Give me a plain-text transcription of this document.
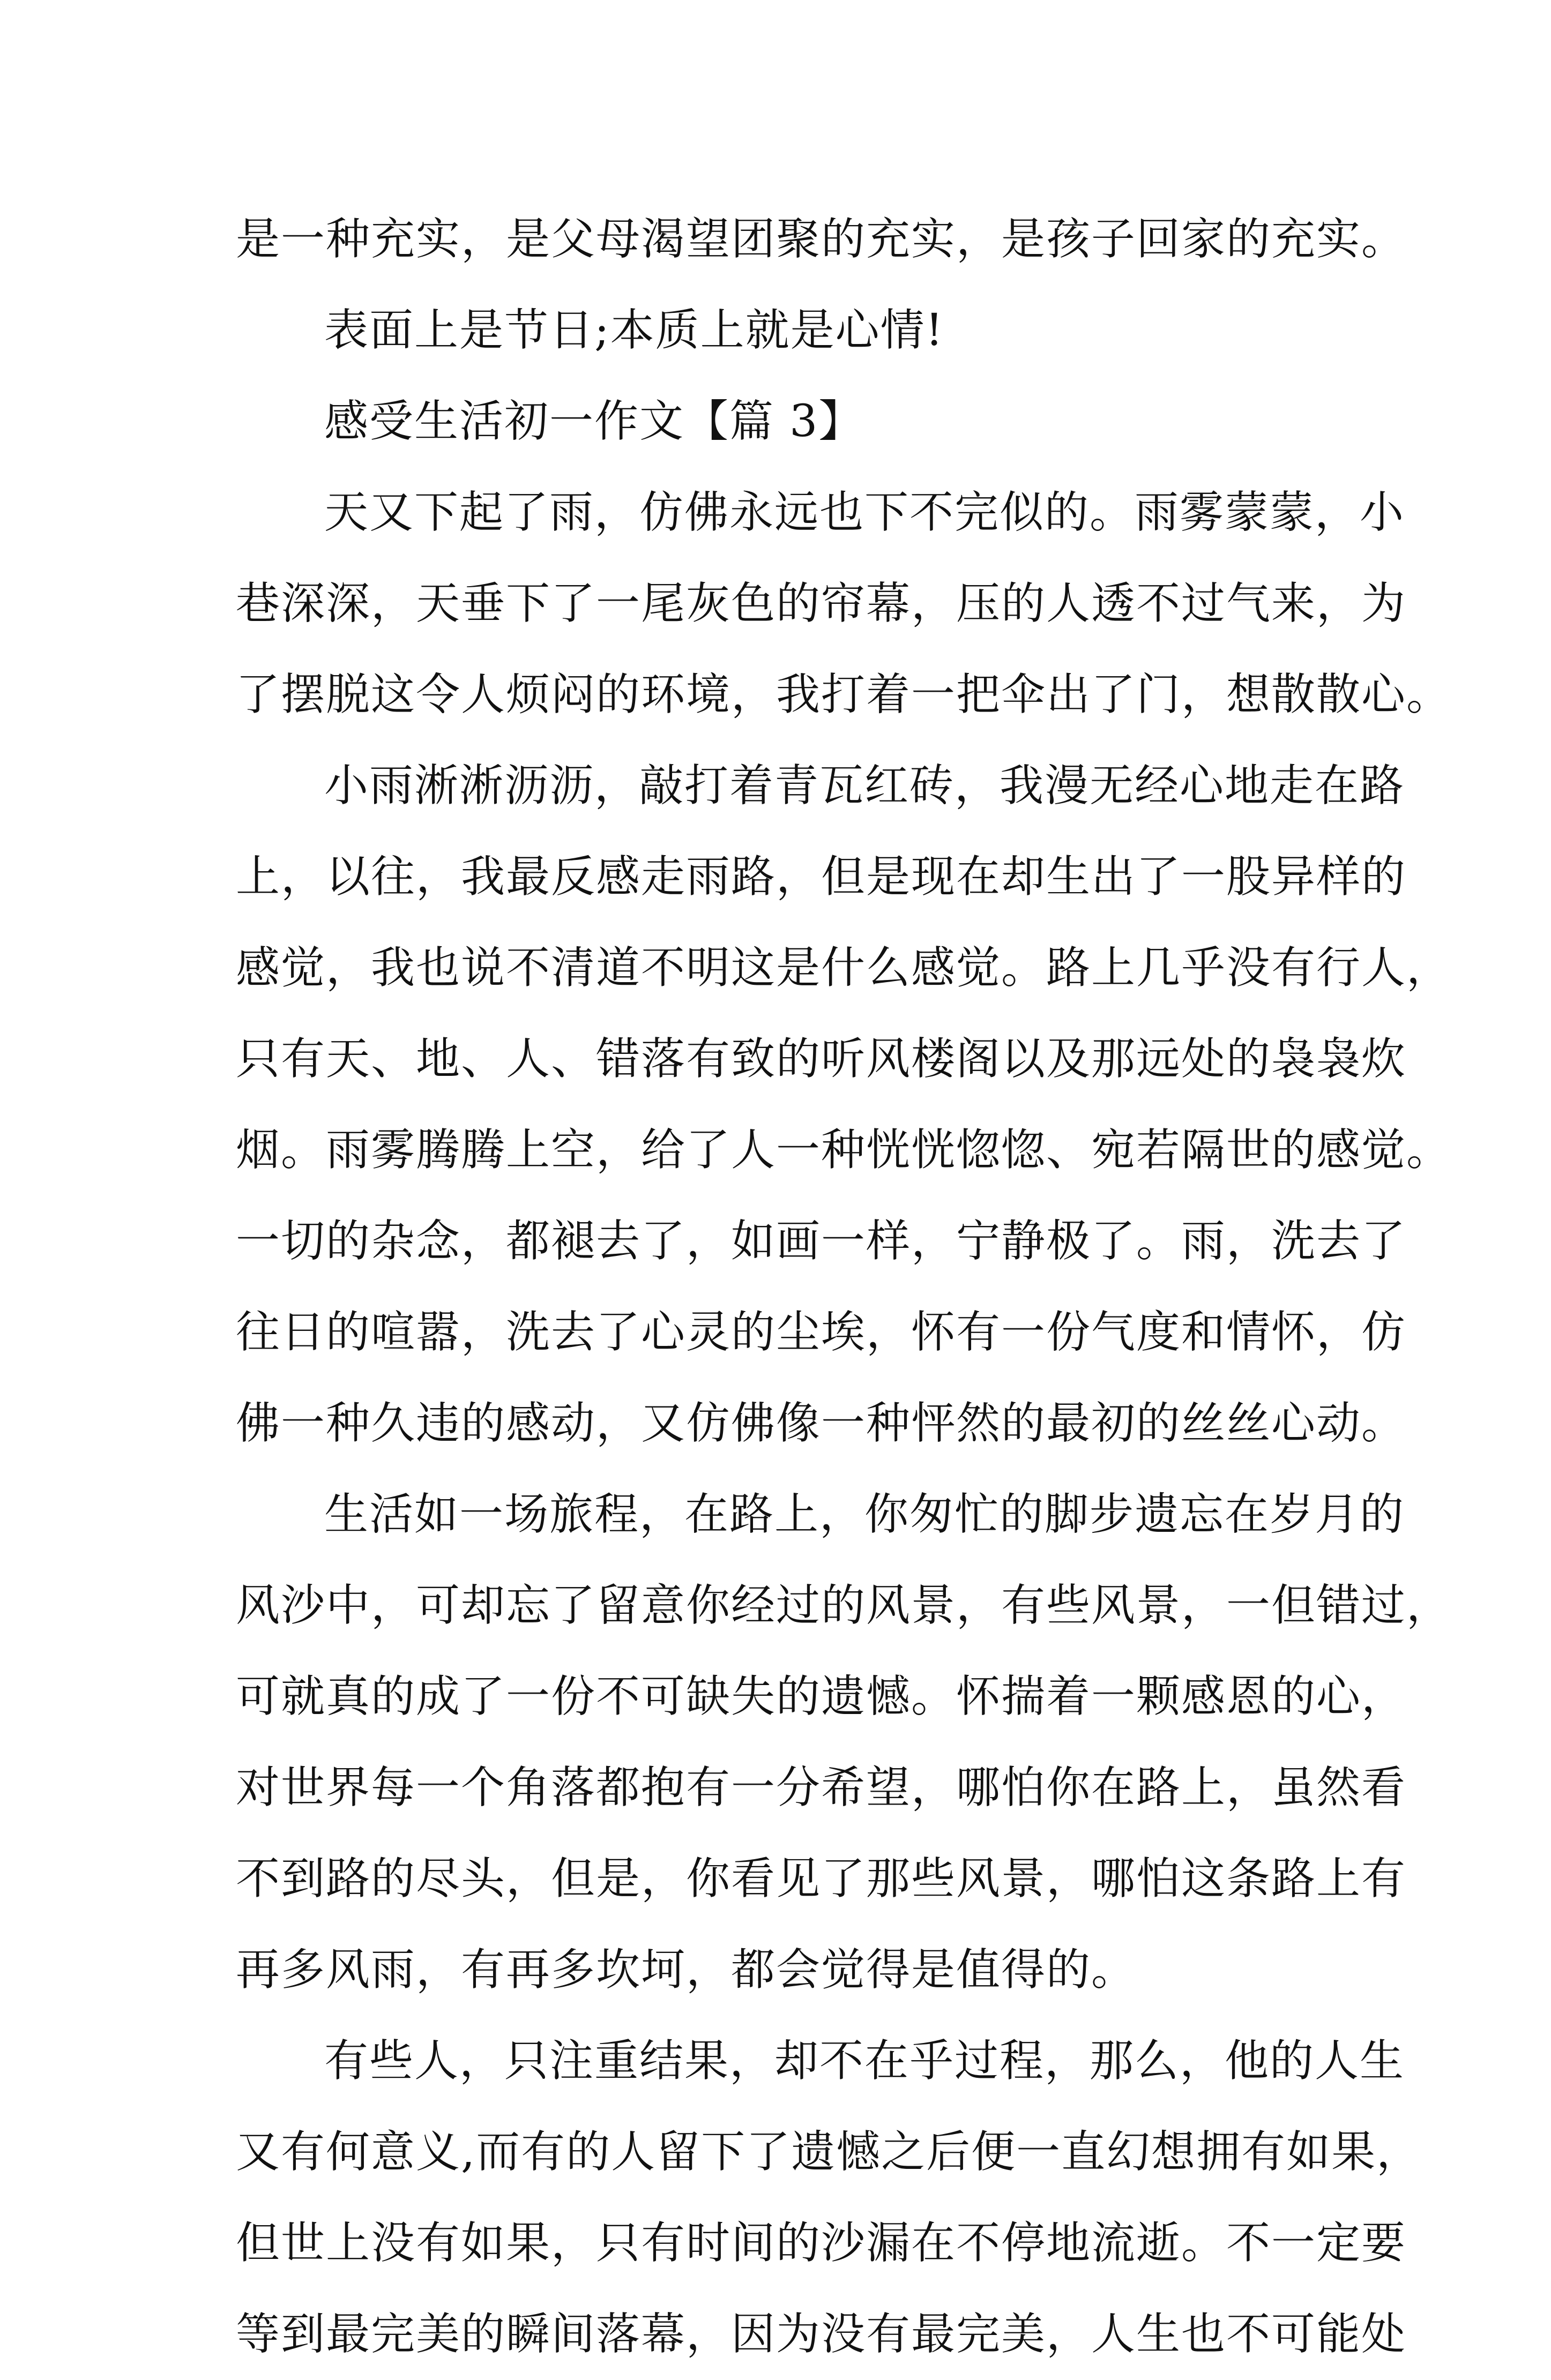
是一种充实，是父母渴望团聚的充实，是孩子回家的充实。
表面上是节日;本质上就是心情!
感受生活初一作文【篇 3】
天又下起了雨，仿佛永远也下不完似的。雨雾蒙蒙，小
巷深深，天垂下了一尾灰色的帘幕，压的人透不过气来，为
了摆脱这令人烦闷的环境，我打着一把伞出了门，想散散心。
小雨淅淅沥沥，敲打着青瓦红砖，我漫无经心地走在路
上，以往，我最反感走雨路，但是现在却生出了一股异样的
感觉，我也说不清道不明这是什么感觉。路上几乎没有行人，
只有天、地、人、错落有致的听风楼阁以及那远处的袅袅炊
烟。雨雾腾腾上空，给了人一种恍恍惚惚、宛若隔世的感觉。
一切的杂念，都褪去了，如画一样，宁静极了。雨，洗去了
往日的喧嚣，洗去了心灵的尘埃，怀有一份气度和情怀，仿
佛一种久违的感动，又仿佛像一种怦然的最初的丝丝心动。
生活如一场旅程，在路上，你匆忙的脚步遗忘在岁月的
风沙中，可却忘了留意你经过的风景，有些风景，一但错过，
可就真的成了一份不可缺失的遗憾。怀揣着一颗感恩的心，
对世界每一个角落都抱有一分希望，哪怕你在路上，虽然看
不到路的尽头，但是，你看见了那些风景，哪怕这条路上有
再多风雨，有再多坎坷，都会觉得是值得的。
有些人，只注重结果，却不在乎过程，那么，他的人生
又有何意义,而有的人留下了遗憾之后便一直幻想拥有如果，
但世上没有如果，只有时间的沙漏在不停地流逝。不一定要
等到最完美的瞬间落幕，因为没有最完美，人生也不可能处
